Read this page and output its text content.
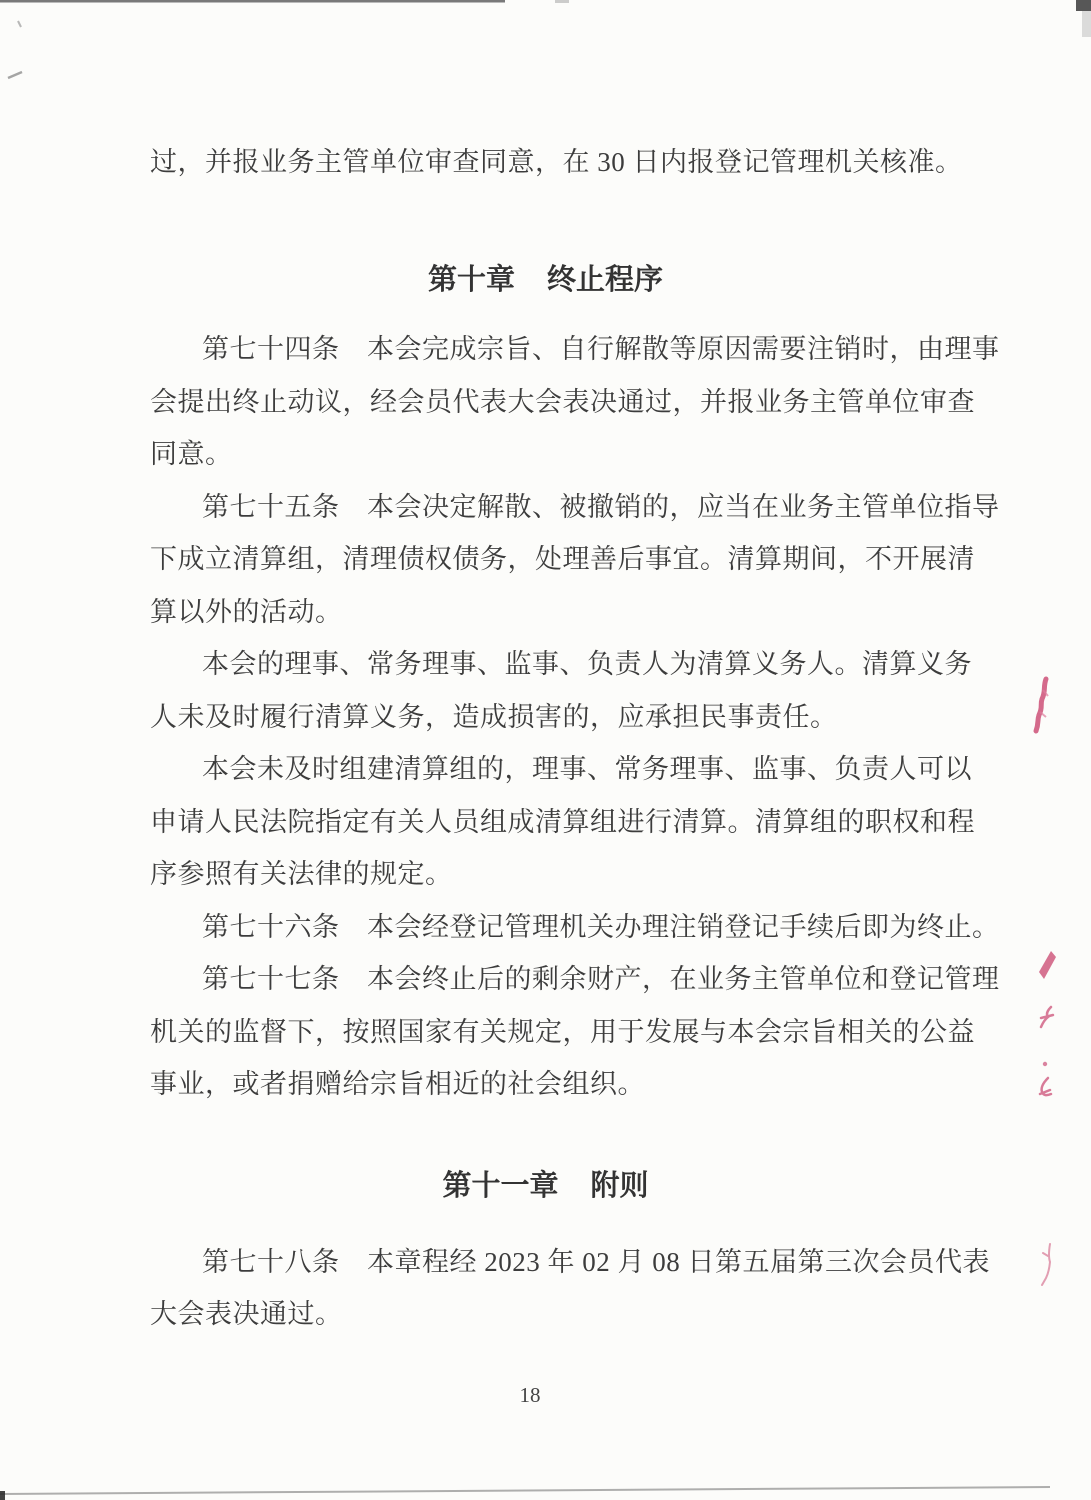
过，并报业务主管单位审查同意，在 30 日内报登记管理机关核准。
第十章 终止程序
第七十四条　本会完成宗旨、自行解散等原因需要注销时，由理事
会提出终止动议，经会员代表大会表决通过，并报业务主管单位审查
同意。
第七十五条　本会决定解散、被撤销的，应当在业务主管单位指导
下成立清算组，清理债权债务，处理善后事宜。清算期间，不开展清
算以外的活动。
本会的理事、常务理事、监事、负责人为清算义务人。清算义务
人未及时履行清算义务，造成损害的，应承担民事责任。
本会未及时组建清算组的，理事、常务理事、监事、负责人可以
申请人民法院指定有关人员组成清算组进行清算。清算组的职权和程
序参照有关法律的规定。
第七十六条　本会经登记管理机关办理注销登记手续后即为终止。
第七十七条　本会终止后的剩余财产，在业务主管单位和登记管理
机关的监督下，按照国家有关规定，用于发展与本会宗旨相关的公益
事业，或者捐赠给宗旨相近的社会组织。
第十一章 附则
第七十八条　本章程经 2023 年 02 月 08 日第五届第三次会员代表
大会表决通过。
18
